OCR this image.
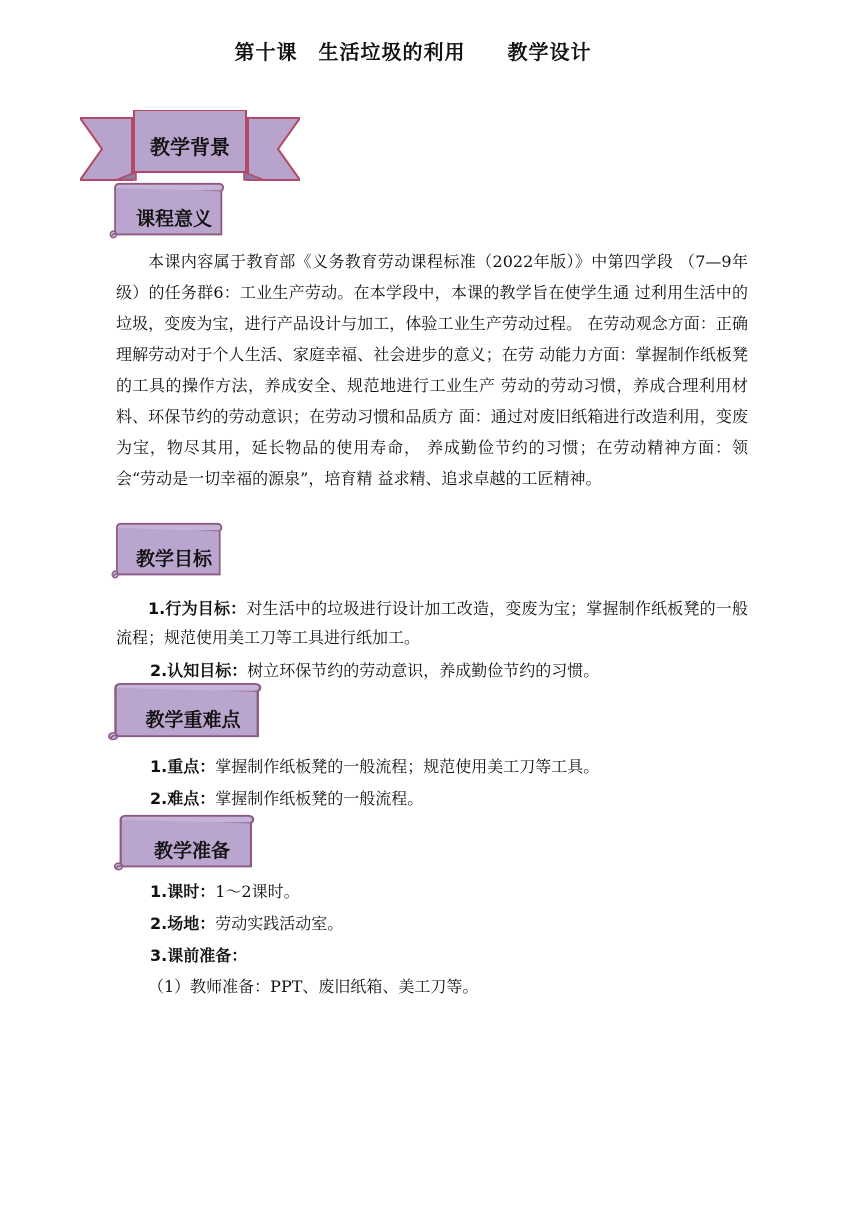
第十课　生活垃圾的利用　　教学设计
教学背景
课程意义

本课内容属于教育部《义务教育劳动课程标准（2022年版）》中第四学段 （7—9年级）的任务群6：工业生产劳动。在本学段中，本课的教学旨在使学生通 过利用生活中的垃圾，变废为宝，进行产品设计与加工，体验工业生产劳动过程。 在劳动观念方面：正确理解劳动对于个人生活、家庭幸福、社会进步的意义；在劳 动能力方面：掌握制作纸板凳的工具的操作方法，养成安全、规范地进行工业生产 劳动的劳动习惯，养成合理利用材料、环保节约的劳动意识；在劳动习惯和品质方 面：通过对废旧纸箱进行改造利用，变废为宝，物尽其用，延长物品的使用寿命， 养成勤俭节约的习惯；在劳动精神方面：领会“劳动是一切幸福的源泉”，培育精 益求精、追求卓越的工匠精神。

教学目标

1.行为目标：对生活中的垃圾进行设计加工改造，变废为宝；掌握制作纸板凳的一般流程；规范使用美工刀等工具进行纸加工。

2.认知目标：树立环保节约的劳动意识，养成勤俭节约的习惯。
教学重难点
1.重点：掌握制作纸板凳的一般流程；规范使用美工刀等工具。
2.难点：掌握制作纸板凳的一般流程。
教学准备
1.课时：1～2课时。
2.场地：劳动实践活动室。
3.课前准备：
（1）教师准备：PPT、废旧纸箱、美工刀等。
